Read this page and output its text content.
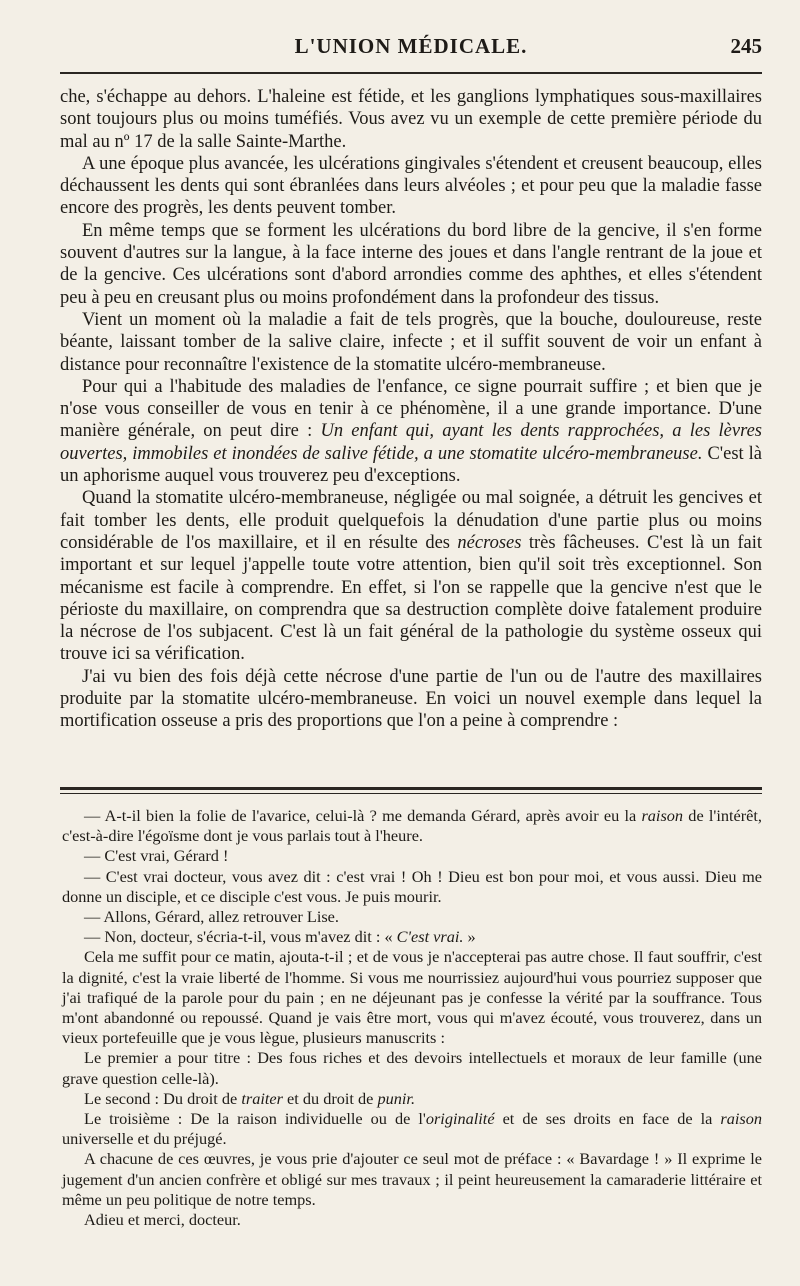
L'UNION MÉDICALE.	245

che, s'échappe au dehors. L'haleine est fétide, et les ganglions lymphatiques sous-maxillaires sont toujours plus ou moins tuméfiés. Vous avez vu un exemple de cette première période du mal au nº 17 de la salle Sainte-Marthe.

A une époque plus avancée, les ulcérations gingivales s'étendent et creusent beaucoup, elles déchaussent les dents qui sont ébranlées dans leurs alvéoles ; et pour peu que la maladie fasse encore des progrès, les dents peuvent tomber.

En même temps que se forment les ulcérations du bord libre de la gencive, il s'en forme souvent d'autres sur la langue, à la face interne des joues et dans l'angle rentrant de la joue et de la gencive. Ces ulcérations sont d'abord arrondies comme des aphthes, et elles s'étendent peu à peu en creusant plus ou moins profondément dans la profondeur des tissus.

Vient un moment où la maladie a fait de tels progrès, que la bouche, douloureuse, reste béante, laissant tomber de la salive claire, infecte ; et il suffit souvent de voir un enfant à distance pour reconnaître l'existence de la stomatite ulcéro-membraneuse.

Pour qui a l'habitude des maladies de l'enfance, ce signe pourrait suffire ; et bien que je n'ose vous conseiller de vous en tenir à ce phénomène, il a une grande importance. D'une manière générale, on peut dire : Un enfant qui, ayant les dents rapprochées, a les lèvres ouvertes, immobiles et inondées de salive fétide, a une stomatite ulcéro-membraneuse. C'est là un aphorisme auquel vous trouverez peu d'exceptions.

Quand la stomatite ulcéro-membraneuse, négligée ou mal soignée, a détruit les gencives et fait tomber les dents, elle produit quelquefois la dénudation d'une partie plus ou moins considérable de l'os maxillaire, et il en résulte des nécroses très fâcheuses. C'est là un fait important et sur lequel j'appelle toute votre attention, bien qu'il soit très exceptionnel. Son mécanisme est facile à comprendre. En effet, si l'on se rappelle que la gencive n'est que le périoste du maxillaire, on comprendra que sa destruction complète doive fatalement produire la nécrose de l'os subjacent. C'est là un fait général de la pathologie du système osseux qui trouve ici sa vérification.

J'ai vu bien des fois déjà cette nécrose d'une partie de l'un ou de l'autre des maxillaires produite par la stomatite ulcéro-membraneuse. En voici un nouvel exemple dans lequel la mortification osseuse a pris des proportions que l'on a peine à comprendre :

— A-t-il bien la folie de l'avarice, celui-là ? me demanda Gérard, après avoir eu la raison de l'intérêt, c'est-à-dire l'égoïsme dont je vous parlais tout à l'heure.

— C'est vrai, Gérard !

— C'est vrai docteur, vous avez dit : c'est vrai ! Oh ! Dieu est bon pour moi, et vous aussi. Dieu me donne un disciple, et ce disciple c'est vous. Je puis mourir.

— Allons, Gérard, allez retrouver Lise.

— Non, docteur, s'écria-t-il, vous m'avez dit : « C'est vrai. »

Cela me suffit pour ce matin, ajouta-t-il ; et de vous je n'accepterai pas autre chose. Il faut souffrir, c'est la dignité, c'est la vraie liberté de l'homme. Si vous me nourrissiez aujourd'hui vous pourriez supposer que j'ai trafiqué de la parole pour du pain ; en ne déjeunant pas je confesse la vérité par la souffrance. Tous m'ont abandonné ou repoussé. Quand je vais être mort, vous qui m'avez écouté, vous trouverez, dans un vieux portefeuille que je vous lègue, plusieurs manuscrits :

Le premier a pour titre : Des fous riches et des devoirs intellectuels et moraux de leur famille (une grave question celle-là).

Le second : Du droit de traiter et du droit de punir.

Le troisième : De la raison individuelle ou de l'originalité et de ses droits en face de la raison universelle et du préjugé.

A chacune de ces œuvres, je vous prie d'ajouter ce seul mot de préface : « Bavardage ! » Il exprime le jugement d'un ancien confrère et obligé sur mes travaux ; il peint heureusement la camaraderie littéraire et même un peu politique de notre temps.

Adieu et merci, docteur.
